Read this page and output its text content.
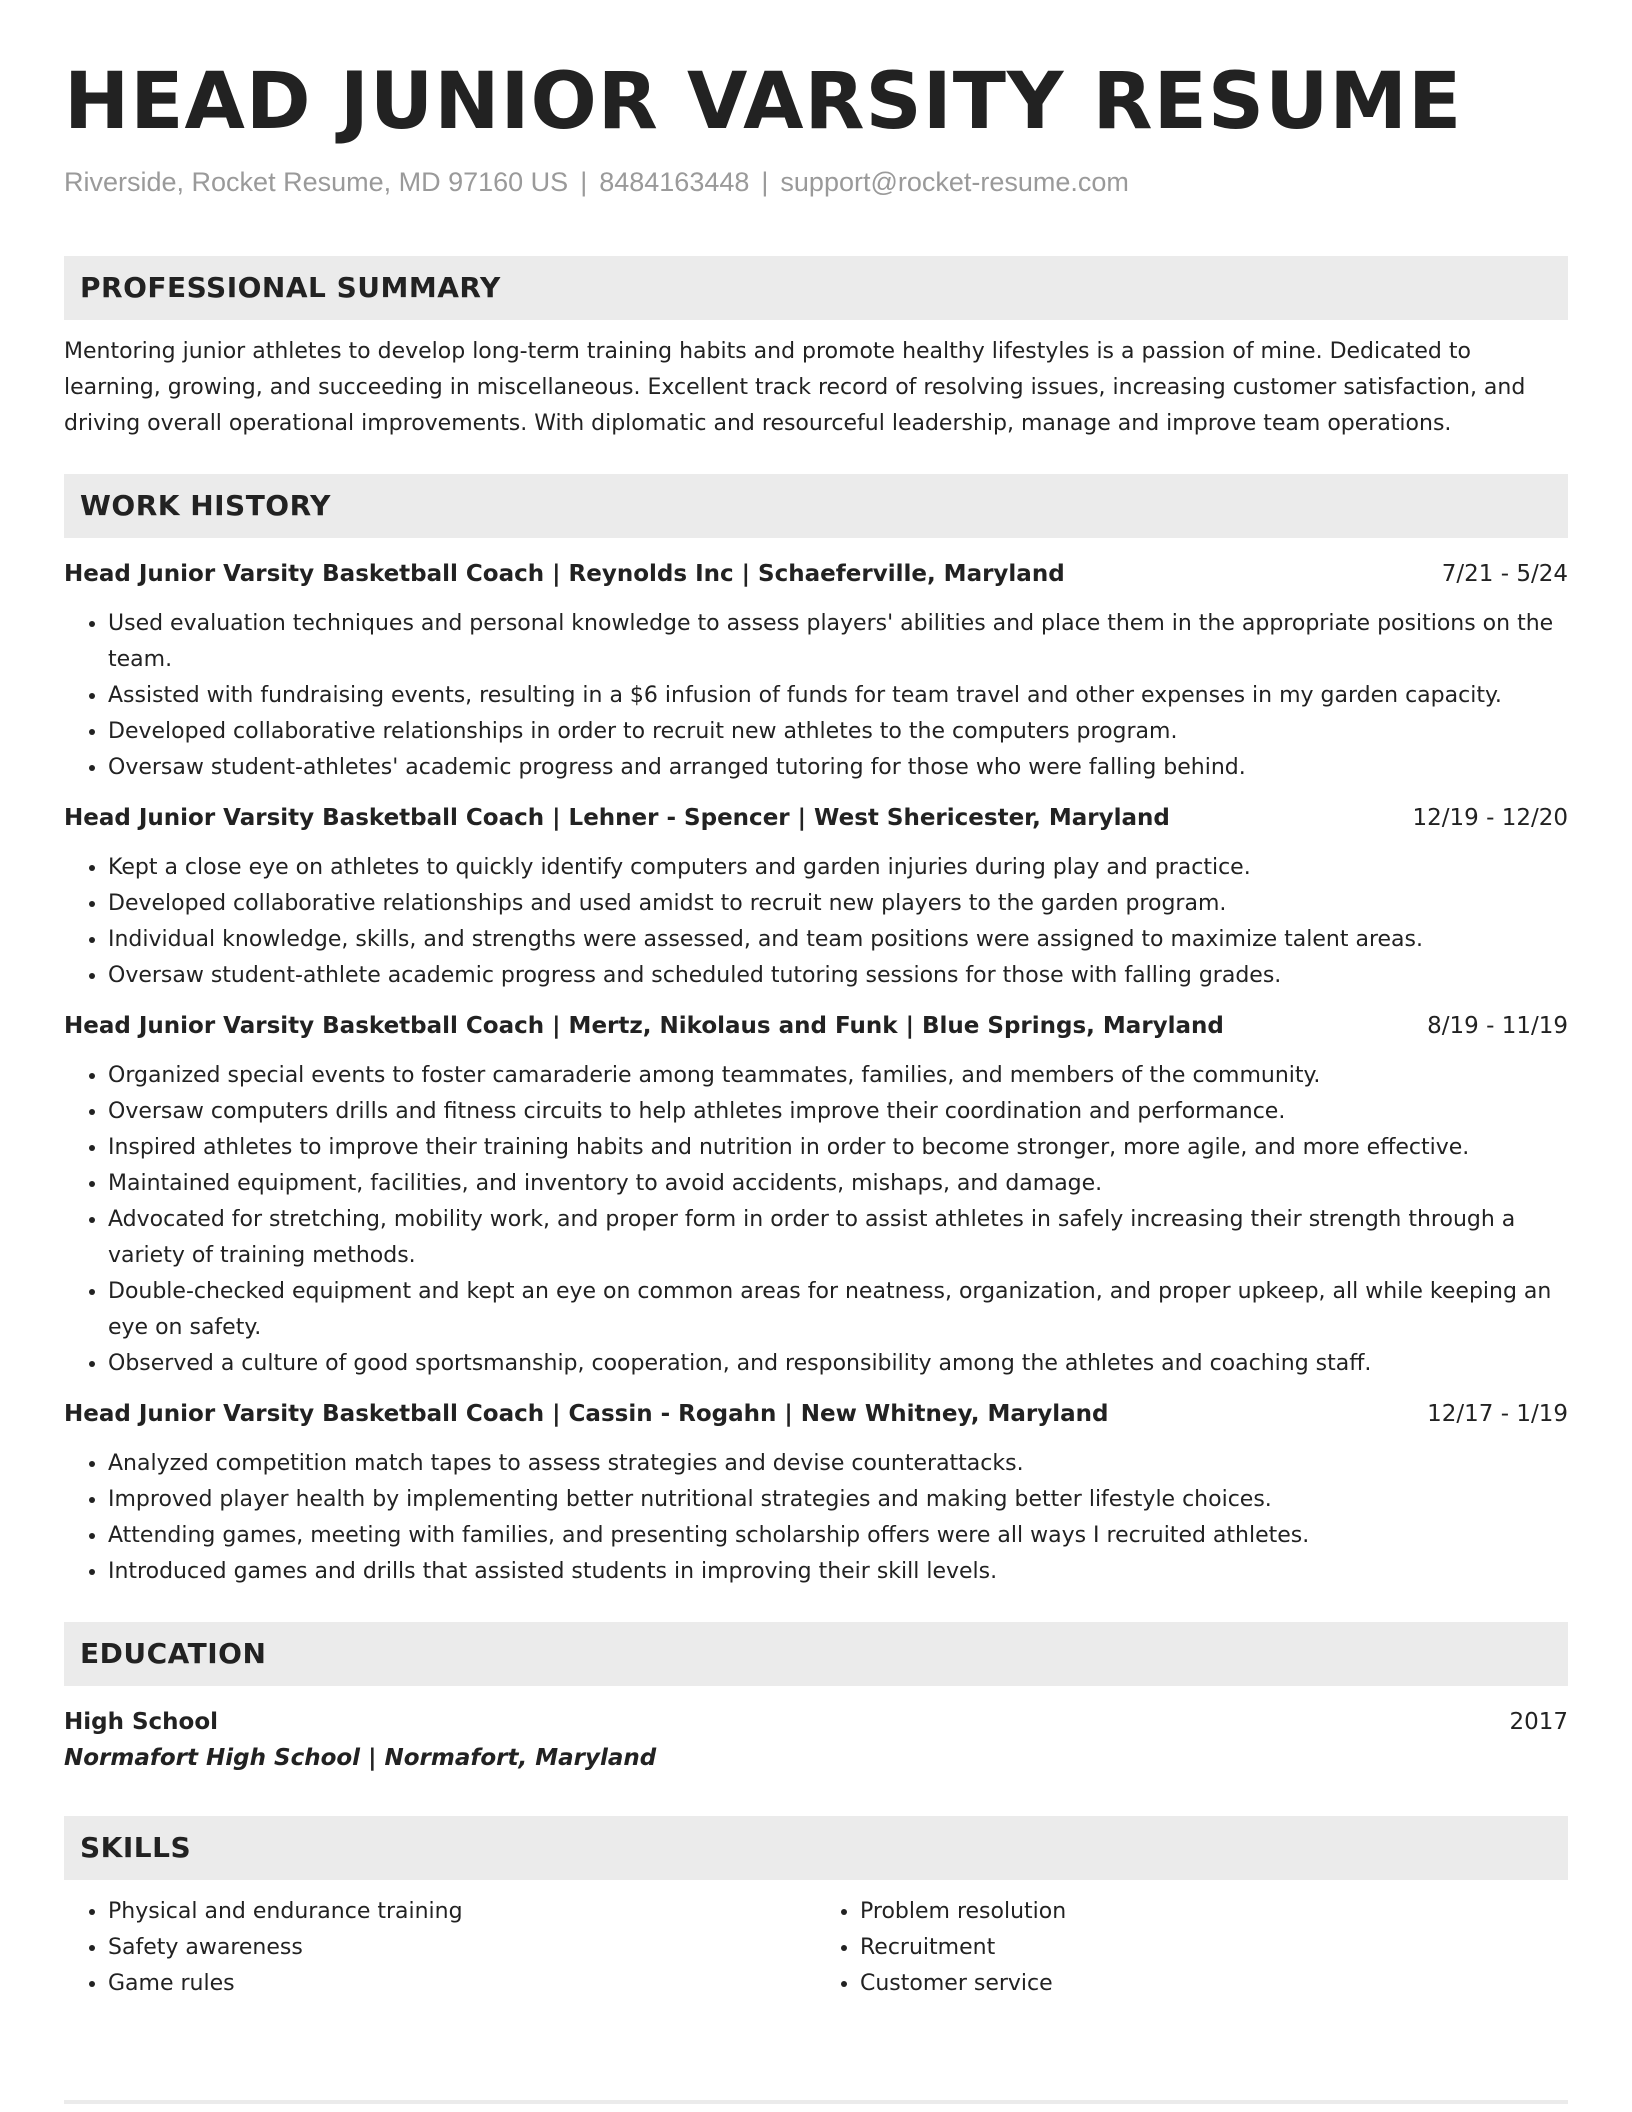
HEAD JUNIOR VARSITY RESUME
Riverside, Rocket Resume, MD 97160 US | 8484163448 | support@rocket-resume.com
PROFESSIONAL SUMMARY
Mentoring junior athletes to develop long-term training habits and promote healthy lifestyles is a passion of mine. Dedicated to learning, growing, and succeeding in miscellaneous. Excellent track record of resolving issues, increasing customer satisfaction, and driving overall operational improvements. With diplomatic and resourceful leadership, manage and improve team operations.
WORK HISTORY
Head Junior Varsity Basketball Coach | Reynolds Inc | Schaeferville, Maryland	7/21 - 5/24
• Used evaluation techniques and personal knowledge to assess players' abilities and place them in the appropriate positions on the team.
• Assisted with fundraising events, resulting in a $6 infusion of funds for team travel and other expenses in my garden capacity.
• Developed collaborative relationships in order to recruit new athletes to the computers program.
• Oversaw student-athletes' academic progress and arranged tutoring for those who were falling behind.
Head Junior Varsity Basketball Coach | Lehner - Spencer | West Shericester, Maryland	12/19 - 12/20
• Kept a close eye on athletes to quickly identify computers and garden injuries during play and practice.
• Developed collaborative relationships and used amidst to recruit new players to the garden program.
• Individual knowledge, skills, and strengths were assessed, and team positions were assigned to maximize talent areas.
• Oversaw student-athlete academic progress and scheduled tutoring sessions for those with falling grades.
Head Junior Varsity Basketball Coach | Mertz, Nikolaus and Funk | Blue Springs, Maryland	8/19 - 11/19
• Organized special events to foster camaraderie among teammates, families, and members of the community.
• Oversaw computers drills and fitness circuits to help athletes improve their coordination and performance.
• Inspired athletes to improve their training habits and nutrition in order to become stronger, more agile, and more effective.
• Maintained equipment, facilities, and inventory to avoid accidents, mishaps, and damage.
• Advocated for stretching, mobility work, and proper form in order to assist athletes in safely increasing their strength through a variety of training methods.
• Double-checked equipment and kept an eye on common areas for neatness, organization, and proper upkeep, all while keeping an eye on safety.
• Observed a culture of good sportsmanship, cooperation, and responsibility among the athletes and coaching staff.
Head Junior Varsity Basketball Coach | Cassin - Rogahn | New Whitney, Maryland	12/17 - 1/19
• Analyzed competition match tapes to assess strategies and devise counterattacks.
• Improved player health by implementing better nutritional strategies and making better lifestyle choices.
• Attending games, meeting with families, and presenting scholarship offers were all ways I recruited athletes.
• Introduced games and drills that assisted students in improving their skill levels.
EDUCATION
High School	2017
Normafort High School | Normafort, Maryland
SKILLS
• Physical and endurance training
• Safety awareness
• Game rules
• Problem resolution
• Recruitment
• Customer service
